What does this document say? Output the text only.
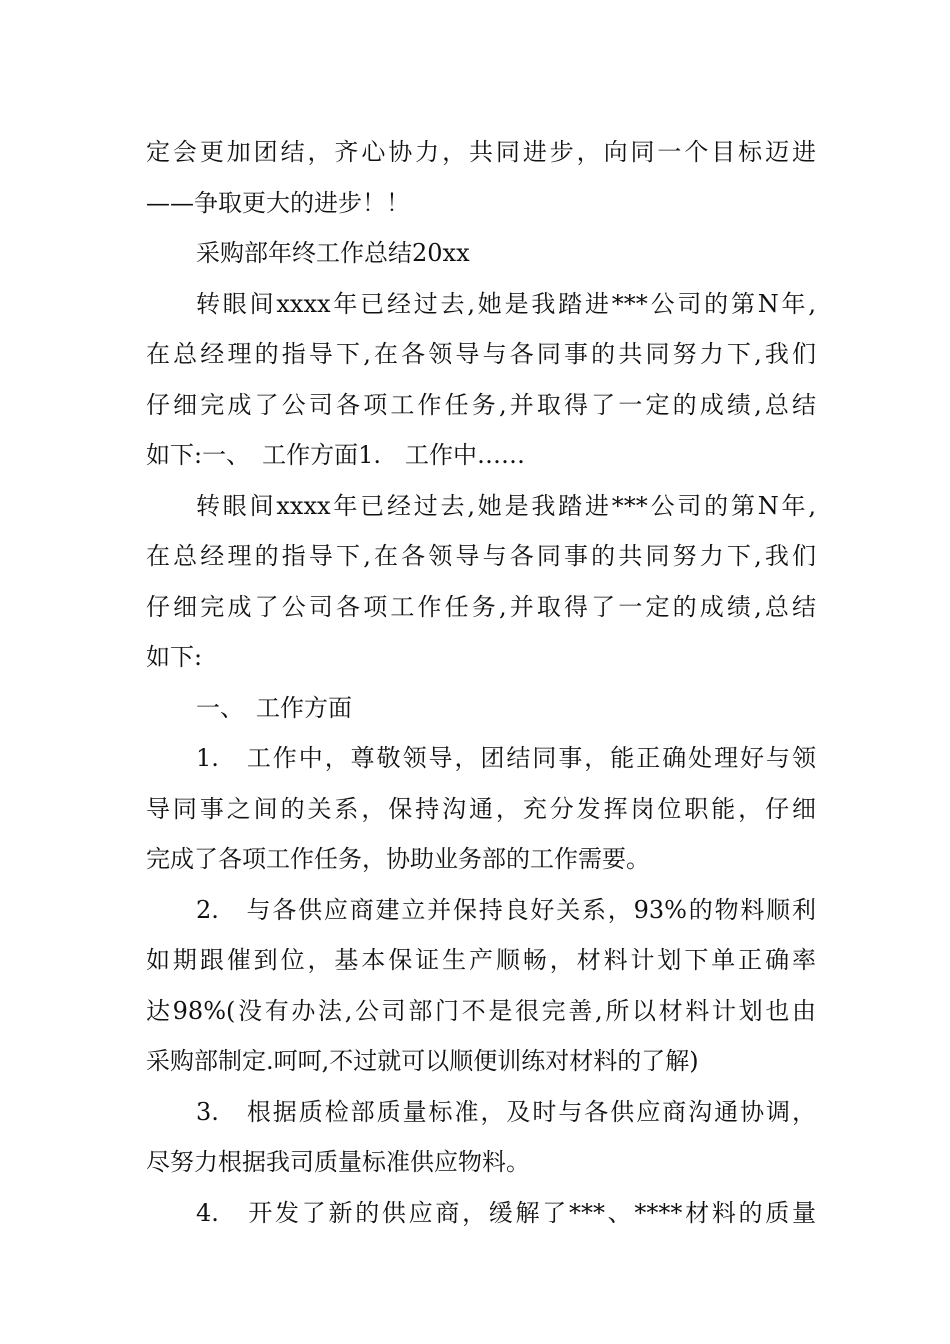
定会更加团结，齐心协力，共同进步，向同一个目标迈进
——争取更大的进步！！
采购部年终工作总结20xx
转眼间xxxx年已经过去,她是我踏进***公司的第N年,
在总经理的指导下,在各领导与各同事的共同努力下,我们
仔细完成了公司各项工作任务,并取得了一定的成绩,总结
如下:一、　工作方面1.　工作中……
转眼间xxxx年已经过去,她是我踏进***公司的第N年,
在总经理的指导下,在各领导与各同事的共同努力下,我们
仔细完成了公司各项工作任务,并取得了一定的成绩,总结
如下:
一、　工作方面
1.　工作中，尊敬领导，团结同事，能正确处理好与领
导同事之间的关系，保持沟通，充分发挥岗位职能，仔细
完成了各项工作任务，协助业务部的工作需要。
2.　与各供应商建立并保持良好关系，93%的物料顺利
如期跟催到位，基本保证生产顺畅，材料计划下单正确率
达98%(没有办法,公司部门不是很完善,所以材料计划也由
采购部制定.呵呵,不过就可以顺便训练对材料的了解)
3.　根据质检部质量标准，及时与各供应商沟通协调，
尽努力根据我司质量标准供应物料。
4.　开发了新的供应商，缓解了***、****材料的质量
